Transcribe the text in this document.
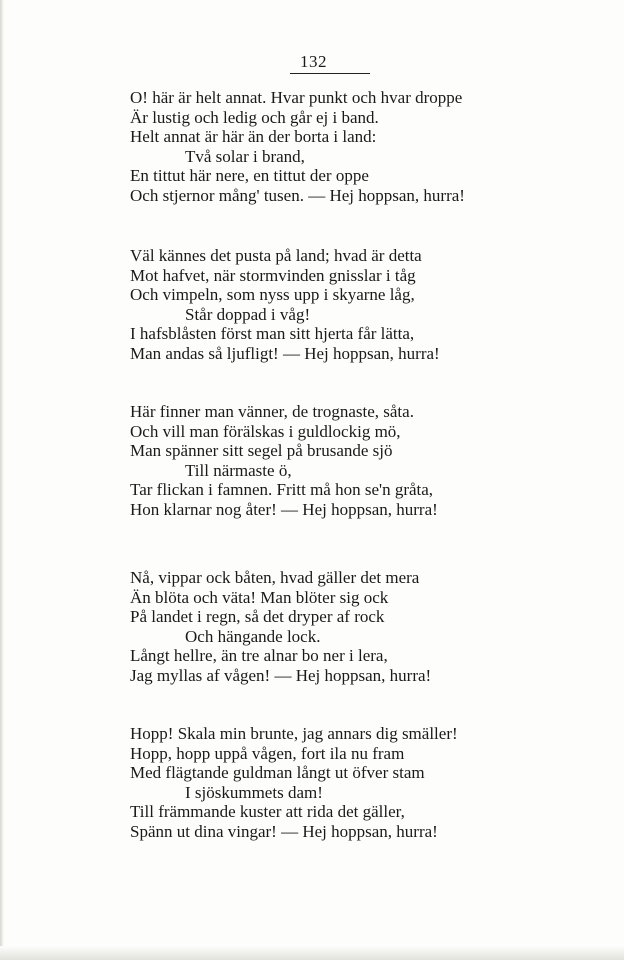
132
O! här är helt annat. Hvar punkt och hvar droppe
Är lustig och ledig och går ej i band.
Helt annat är här än der borta i land:
Två solar i brand,
En tittut här nere, en tittut der oppe
Och stjernor mång' tusen. — Hej hoppsan, hurra!
Väl kännes det pusta på land; hvad är detta
Mot hafvet, när stormvinden gnisslar i tåg
Och vimpeln, som nyss upp i skyarne låg,
Står doppad i våg!
I hafsblåsten först man sitt hjerta får lätta,
Man andas så ljufligt! — Hej hoppsan, hurra!
Här finner man vänner, de trognaste, såta.
Och vill man förälskas i guldlockig mö,
Man spänner sitt segel på brusande sjö
Till närmaste ö,
Tar flickan i famnen. Fritt må hon se'n gråta,
Hon klarnar nog åter! — Hej hoppsan, hurra!
Nå, vippar ock båten, hvad gäller det mera
Än blöta och väta! Man blöter sig ock
På landet i regn, så det dryper af rock
Och hängande lock.
Långt hellre, än tre alnar bo ner i lera,
Jag myllas af vågen! — Hej hoppsan, hurra!
Hopp! Skala min brunte, jag annars dig smäller!
Hopp, hopp uppå vågen, fort ila nu fram
Med flägtande guldman långt ut öfver stam
I sjöskummets dam!
Till främmande kuster att rida det gäller,
Spänn ut dina vingar! — Hej hoppsan, hurra!
